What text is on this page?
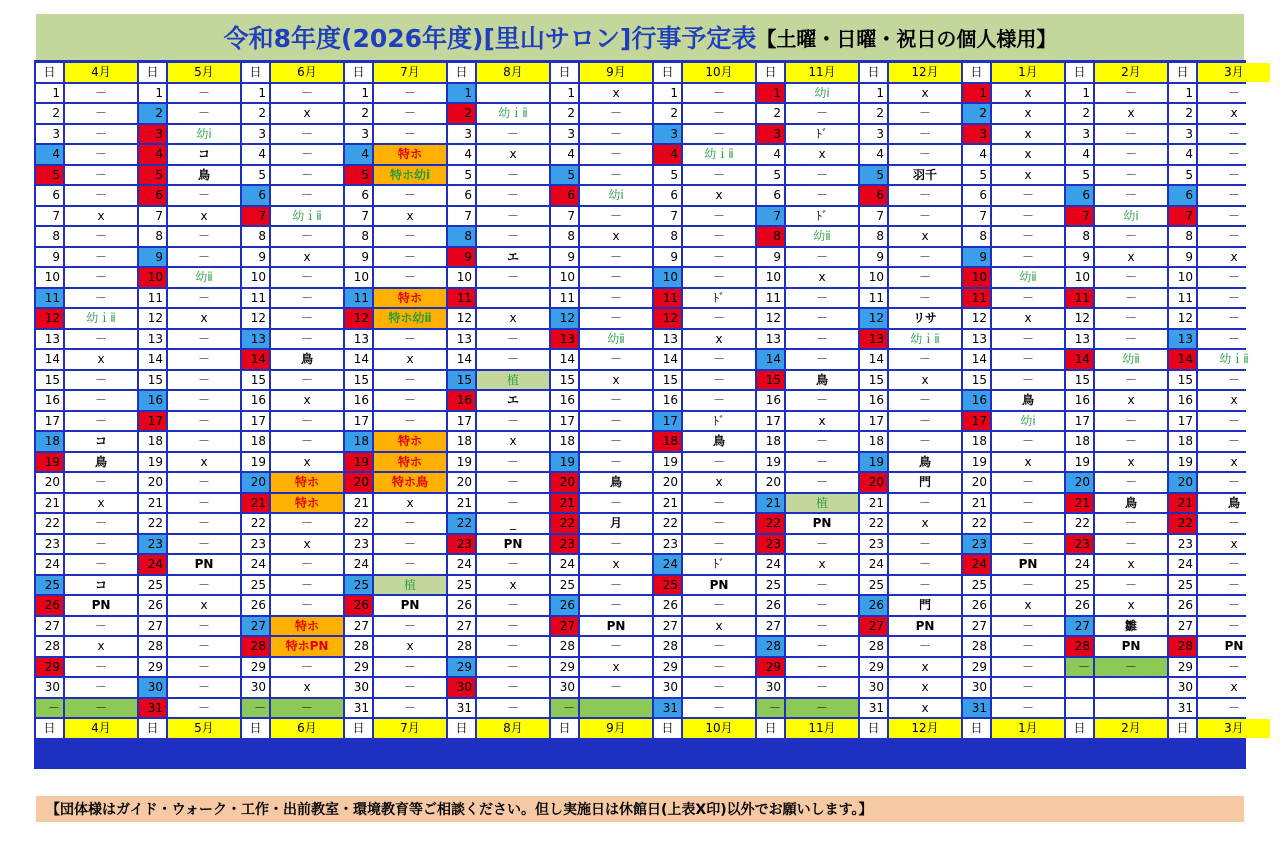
令和8年度(2026年度)[里山サロン]行事予定表 【土曜・日曜・祝日の個人様用】
日	4月
日	4月
1	－
2	－
3	－
4	－
5	－
6	－
7	x
8	－
9	－
10	－
11	－
12	幼ｉⅱ
13	－
14	x
15	－
16	－
17	－
18	コ
19	鳥
20	－
21	x
22	－
23	－
24	－
25	コ
26	PN
27	－
28	x
29	－
30	－
－	－
日	5月
日	5月
1	－
2	－
3	幼ⅰ
4	コ
5	鳥
6	－
7	x
8	－
9	－
10	幼ⅱ
11	－
12	x
13	－
14	－
15	－
16	－
17	－
18	－
19	x
20	－
21	－
22	－
23	－
24	PN
25	－
26	x
27	－
28	－
29	－
30	－
31	－
日	6月
日	6月
1	－
2	x
3	－
4	－
5	－
6	－
7	幼ｉⅱ
8	－
9	x
10	－
11	－
12	－
13	－
14	鳥
15	－
16	x
17	－
18	－
19	x
20	特ホ
21	特ホ
22	－
23	x
24	－
25	－
26	－
27	特ホ
28	特ホPN
29	－
30	x
－	－
日	7月
日	7月
1	－
2	－
3	－
4	特ホ
5	特ホ幼ⅰ
6	－
7	x
8	－
9	－
10	－
11	特ホ
12	特ホ幼ⅱ
13	－
14	x
15	－
16	－
17	－
18	特ホ
19	特ホ
20	特ホ鳥
21	x
22	－
23	－
24	－
25	植
26	PN
27	－
28	x
29	－
30	－
31	－
日	8月
日	8月
1
2	幼ｉⅱ
3	－
4	x
5	－
6	－
7	－
8	－
9	エ
10	－
11
12	x
13	－
14	－
15	植
16	エ
17	－
18	x
19	－
20	－
21	－
22	_
23	PN
24	－
25	x
26	－
27	－
28	－
29	－
30	－
31	－
日	9月
日	9月
1	x
2	－
3	－
4	－
5	－
6	幼ⅰ
7	－
8	x
9	－
10	－
11	－
12	－
13	幼ⅱ
14	－
15	x
16	－
17	－
18	－
19	－
20	鳥
21	－
22	月
23	－
24	x
25	－
26	－
27	PN
28	－
29	x
30	－
－
日	10月
日	10月
1	－
2	－
3	－
4	幼ｉⅱ
5	－
6	x
7	－
8	－
9	－
10	－
11	ﾄﾞ
12	－
13	x
14	－
15	－
16	－
17	ﾄﾞ
18	鳥
19	－
20	x
21	－
22	－
23	－
24	ﾄﾞ
25	PN
26	－
27	x
28	－
29	－
30	－
31	－
日	11月
日	11月
1	幼ⅰ
2	－
3	ﾄﾞ
4	x
5	－
6	－
7	ﾄﾞ
8	幼ⅱ
9	－
10	x
11	－
12	－
13	－
14	－
15	鳥
16	－
17	x
18	－
19	－
20	－
21	植
22	PN
23	－
24	x
25	－
26	－
27	－
28	－
29	－
30	－
－	－
日	12月
日	12月
1	x
2	－
3	－
4	－
5	羽千
6	－
7	－
8	x
9	－
10	－
11	－
12	リサ
13	幼ｉⅱ
14	－
15	x
16	－
17	－
18	－
19	鳥
20	門
21	－
22	x
23	－
24	－
25	－
26	門
27	PN
28	－
29	x
30	x
31	x
日	1月
日	1月
1	x
2	x
3	x
4	x
5	x
6	－
7	－
8	－
9	－
10	幼ⅱ
11	－
12	x
13	－
14	－
15	－
16	鳥
17	幼ⅰ
18	－
19	x
20	－
21	－
22	－
23	－
24	PN
25	－
26	x
27	－
28	－
29	－
30	－
31	－
日	2月
日	2月
1	－
2	x
3	－
4	－
5	－
6	－
7	幼ⅰ
8	－
9	x
10	－
11	－
12	－
13	－
14	幼ⅱ
15	－
16	x
17	－
18	－
19	x
20	－
21	鳥
22	－
23	－
24	x
25	－
26	x
27	雛
28	PN
－	－
日	3月
日	3月
1	－
2	x
3	－
4	－
5	－
6	－
7	－
8	－
9	x
10	－
11	－
12	－
13	－
14	幼ｉⅱ
15	－
16	x
17	－
18	－
19	x
20	－
21	鳥
22	－
23	x
24	－
25	－
26	－
27	－
28	PN
29	－
30	x
31	－
【団体様はガイド・ウォーク・工作・出前教室・環境教育等ご相談ください。但し実施日は休館日(上表X印)以外でお願いします。】
